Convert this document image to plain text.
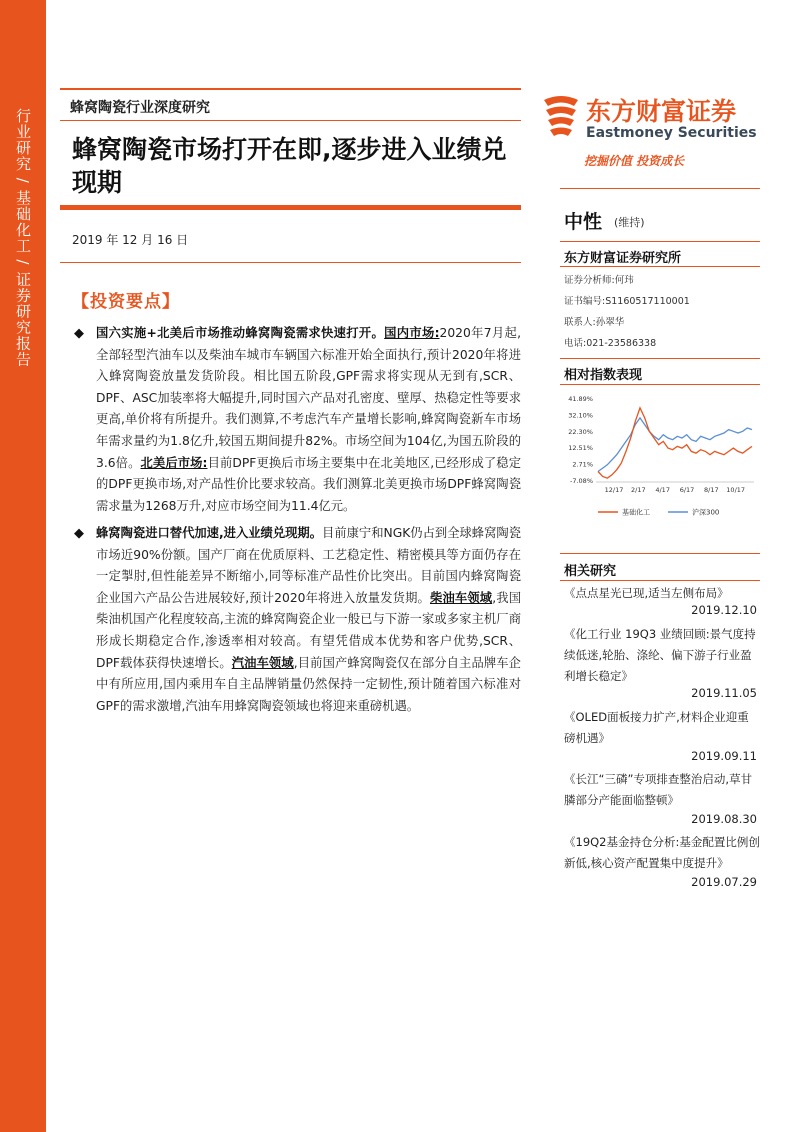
行业研究 / 基础化工 / 证券研究报告	蜂窝陶瓷行业深度研究
蜂窝陶瓷市场打开在即,逐步进入业绩兑现期
2019 年 12 月 16 日
【投资要点】
◆ 国六实施+北美后市场推动蜂窝陶瓷需求快速打开。国内市场:2020年7月起,全部轻型汽油车以及柴油车城市车辆国六标准开始全面执行,预计2020年将进入蜂窝陶瓷放量发货阶段。相比国五阶段,GPF需求将实现从无到有,SCR、DPF、ASC加装率将大幅提升,同时国六产品对孔密度、壁厚、热稳定性等要求更高,单价将有所提升。我们测算,不考虑汽车产量增长影响,蜂窝陶瓷新车市场年需求量约为1.8亿升,较国五期间提升82%。市场空间为104亿,为国五阶段的3.6倍。北美后市场:目前DPF更换后市场主要集中在北美地区,已经形成了稳定的DPF更换市场,对产品性价比要求较高。我们测算北美更换市场DPF蜂窝陶瓷需求量为1268万升,对应市场空间为11.4亿元。
◆ 蜂窝陶瓷进口替代加速,进入业绩兑现期。目前康宁和NGK仍占到全球蜂窝陶瓷市场近90%份额。国产厂商在优质原料、工艺稳定性、精密模具等方面仍存在一定掣肘,但性能差异不断缩小,同等标准产品性价比突出。目前国内蜂窝陶瓷企业国六产品公告进展较好,预计2020年将进入放量发货期。柴油车领域,我国柴油机国产化程度较高,主流的蜂窝陶瓷企业一般已与下游一家或多家主机厂商形成长期稳定合作,渗透率相对较高。有望凭借成本优势和客户优势,SCR、DPF载体获得快速增长。汽油车领域,目前国产蜂窝陶瓷仅在部分自主品牌车企中有所应用,国内乘用车自主品牌销量仍然保持一定韧性,预计随着国六标准对GPF的需求激增,汽油车用蜂窝陶瓷领域也将迎来重磅机遇。
东方财富证券
Eastmoney Securities
挖掘价值 投资成长
中性 (维持)
东方财富证券研究所
证券分析师:何玮
证书编号:S1160517110001
联系人:孙翠华
电话:021-23586338
相对指数表现
41.89%
32.10%
22.30%
12.51%
2.71%
-7.08%
12/17 2/17 4/17 6/17 8/17 10/17
基础化工	沪深300
相关研究
《点点星光已现,适当左侧布局》
2019.12.10
《化工行业 19Q3 业绩回顾:景气度持续低迷,轮胎、涤纶、偏下游子行业盈利增长稳定》
2019.11.05
《OLED面板接力扩产,材料企业迎重磅机遇》
2019.09.11
《长江“三磷”专项排查整治启动,草甘膦部分产能面临整顿》
2019.08.30
《19Q2基金持仓分析:基金配置比例创新低,核心资产配置集中度提升》
2019.07.29
